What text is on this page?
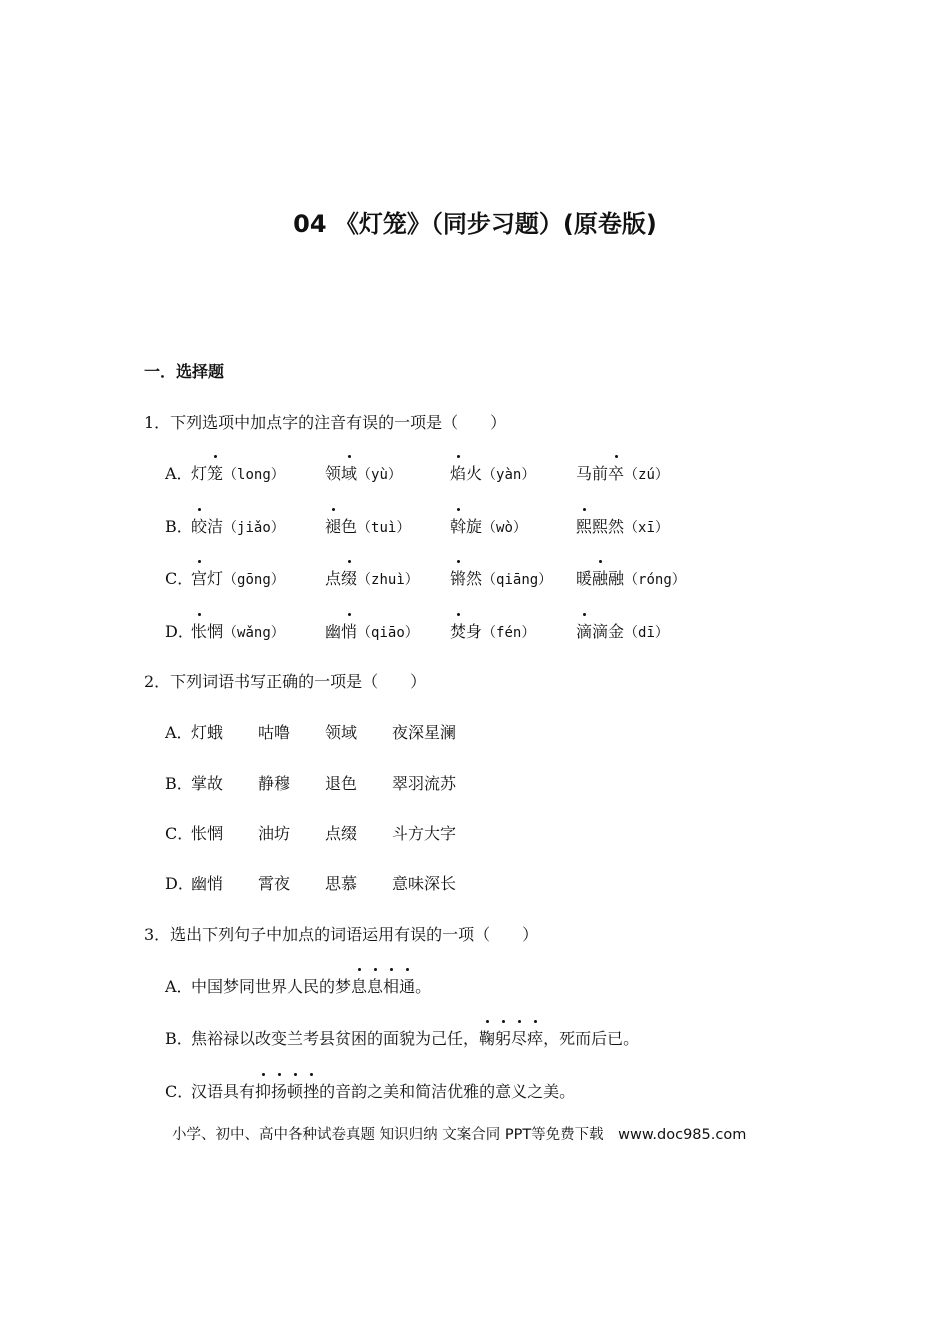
04 《灯笼》（同步习题）(原卷版)
一．选择题
1．下列选项中加点字的注音有误的一项是（　　）
A．
灯笼（long）	领域（yù）	焰火（yàn）	马前卒（zú）
B．
皎洁（jiǎo）	褪色（tuì） 斡旋（wò）	熙熙然（xī）
C．
宫灯（gōng）	点缀（zhuì） 锵然（qiāng） 暖融融（róng）
D．
怅惘（wǎng）	幽悄（qiāo） 焚身（fén）	滴滴金（dī）
2．下列词语书写正确的一项是（　　）
A．
灯蛾 咕噜 领域 夜深星澜
B．
掌故 静穆 退色 翠羽流苏
C．
怅惘 油坊 点缀 斗方大字
D．
幽悄 霄夜 思慕 意味深长
3．选出下列句子中加点的词语运用有误的一项（　　）
A．
中国梦同世界人民的梦息息相通。
B．
焦裕禄以改变兰考县贫困的面貌为己任，鞠躬尽瘁，死而后已。
C．
汉语具有抑扬顿挫的音韵之美和简洁优雅的意义之美。
小学、初中、高中各种试卷真题 知识归纳 文案合同 PPT等免费下载　www.doc985.com
